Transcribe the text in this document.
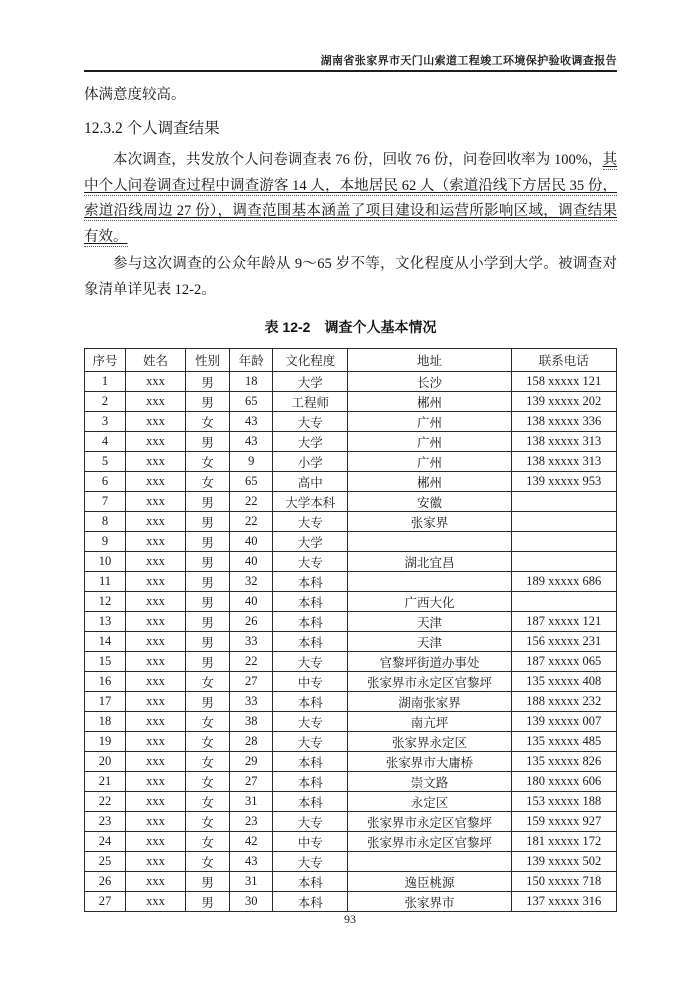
湖南省张家界市天门山索道工程竣工环境保护验收调查报告

体满意度较高。

12.3.2 个人调查结果

本次调查，共发放个人问卷调查表 76 份，回收 76 份，问卷回收率为 100%，其中个人问卷调查过程中调查游客 14 人，本地居民 62 人（索道沿线下方居民 35 份，索道沿线周边 27 份），调查范围基本涵盖了项目建设和运营所影响区域，调查结果有效。

参与这次调查的公众年龄从 9～65 岁不等，文化程度从小学到大学。被调查对象清单详见表 12-2。

表 12-2　调查个人基本情况

序号	姓名	性别	年龄	文化程度	地址	联系电话
1	xxx	男	18	大学	长沙	158 xxxxx 121
2	xxx	男	65	工程师	郴州	139 xxxxx 202
3	xxx	女	43	大专	广州	138 xxxxx 336
4	xxx	男	43	大学	广州	138 xxxxx 313
5	xxx	女	9	小学	广州	138 xxxxx 313
6	xxx	女	65	高中	郴州	139 xxxxx 953
7	xxx	男	22	大学本科	安徽	
8	xxx	男	22	大专	张家界	
9	xxx	男	40	大学		
10	xxx	男	40	大专	湖北宜昌	
11	xxx	男	32	本科		189 xxxxx 686
12	xxx	男	40	本科	广西大化	
13	xxx	男	26	本科	天津	187 xxxxx 121
14	xxx	男	33	本科	天津	156 xxxxx 231
15	xxx	男	22	大专	官黎坪街道办事处	187 xxxxx 065
16	xxx	女	27	中专	张家界市永定区官黎坪	135 xxxxx 408
17	xxx	男	33	本科	湖南张家界	188 xxxxx 232
18	xxx	女	38	大专	南亢坪	139 xxxxx 007
19	xxx	女	28	大专	张家界永定区	135 xxxxx 485
20	xxx	女	29	本科	张家界市大庸桥	135 xxxxx 826
21	xxx	女	27	本科	崇文路	180 xxxxx 606
22	xxx	女	31	本科	永定区	153 xxxxx 188
23	xxx	女	23	大专	张家界市永定区官黎坪	159 xxxxx 927
24	xxx	女	42	中专	张家界市永定区官黎坪	181 xxxxx 172
25	xxx	女	43	大专		139 xxxxx 502
26	xxx	男	31	本科	逸臣桃源	150 xxxxx 718
27	xxx	男	30	本科	张家界市	137 xxxxx 316
93
